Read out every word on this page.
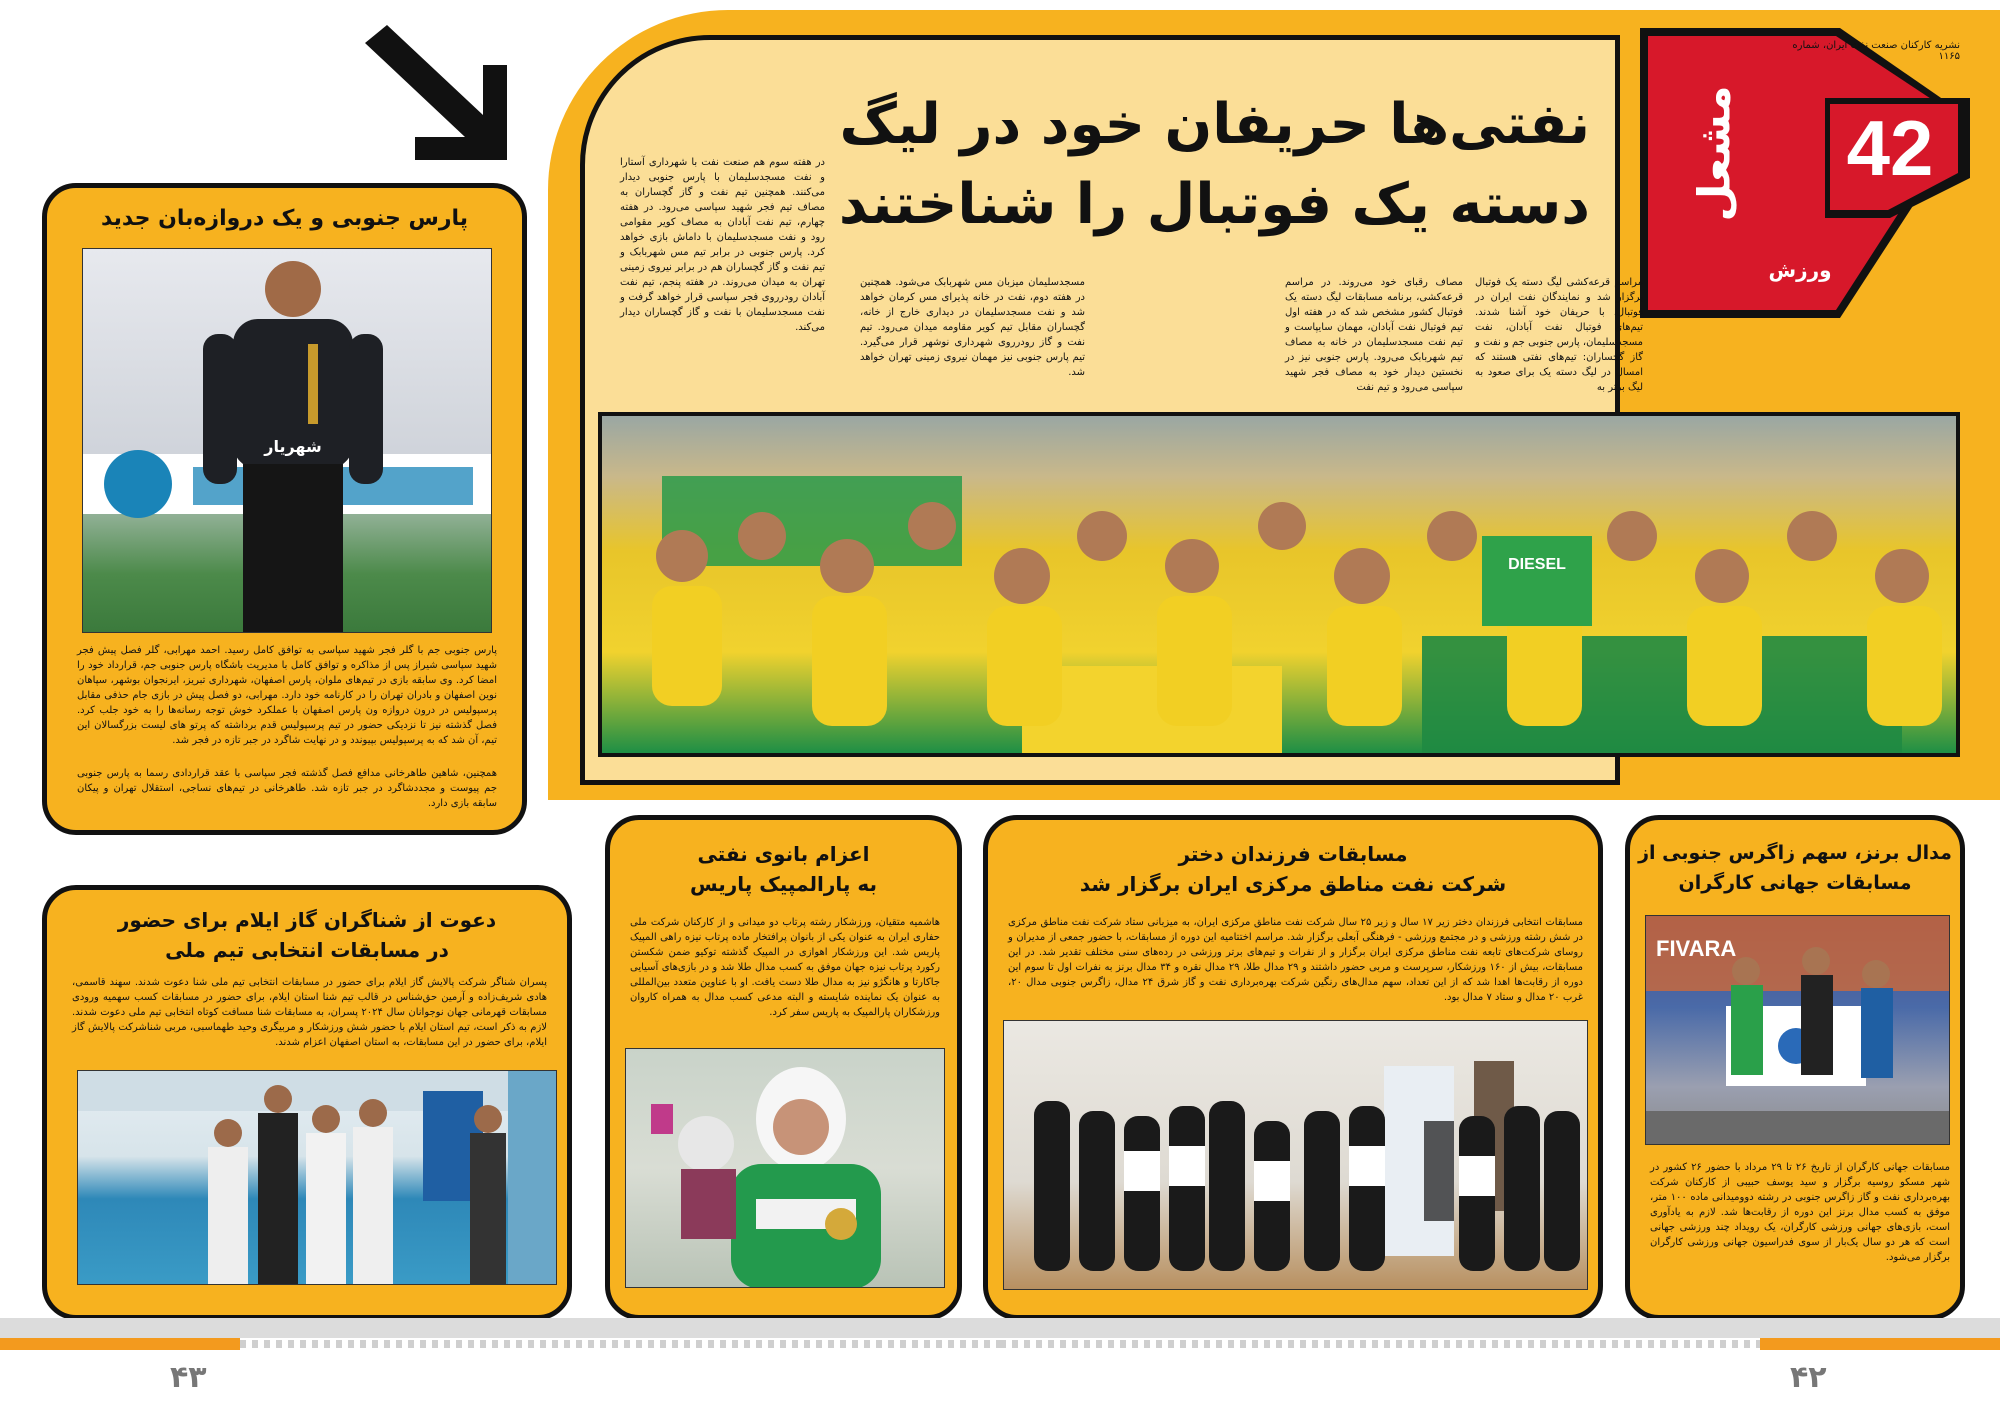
42
ورزش
مشعل
نشریه کارکنان صنعت نفت ایران، شماره ۱۱۶۵
نفتی‌ها حریفان خود در لیگ
دسته یک فوتبال را شناختند
در هفته سوم هم صنعت نفت با شهرداری آستارا و نفت مسجدسلیمان با پارس جنوبی دیدار می‌کنند. همچنین تیم نفت و گاز گچساران به مصاف تیم فجر شهید سپاسی می‌رود. در هفته چهارم، تیم نفت آبادان به مصاف کویر مقوامی رود و نفت مسجدسلیمان با داماش بازی خواهد کرد. پارس جنوبی در برابر تیم مس شهربابک و تیم نفت و گاز گچساران هم در برابر نیروی زمینی تهران به میدان می‌روند. در هفته پنجم، تیم نفت آبادان رودرروی فجر سپاسی قرار خواهد گرفت و نفت مسجدسلیمان با نفت و گاز گچساران دیدار می‌کند.
مراسم قرعه‌کشی لیگ دسته یک فوتبال برگزار شد و نمایندگان نفت ایران در فوتبال، با حریفان خود آشنا شدند. تیم‌های فوتبال نفت آبادان، نفت مسجدسلیمان، پارس جنوبی جم و نفت و گاز گچساران: تیم‌های نفتی هستند که امسال در لیگ دسته یک برای صعود به لیگ برتر به
مصاف رقبای خود می‌روند. در مراسم قرعه‌کشی، برنامه مسابقات لیگ دسته یک فوتبال کشور مشخص شد که در هفته اول تیم فوتبال نفت آبادان، مهمان سایپاست و تیم نفت مسجدسلیمان در خانه به مصاف تیم شهربابک می‌رود. پارس جنوبی نیز در نخستین دیدار خود به مصاف فجر شهید سپاسی می‌رود و تیم نفت
مسجدسلیمان میزبان مس شهربابک می‌شود. همچنین در هفته دوم، نفت در خانه پذیرای مس کرمان خواهد شد و نفت مسجدسلیمان در دیداری خارج از خانه، گچساران مقابل تیم کویر مقاومه میدان می‌رود. تیم نفت و گاز رودرروی شهرداری نوشهر قرار می‌گیرد. تیم پارس جنوبی نیز مهمان نیروی زمینی تهران خواهد شد.
DIESEL
پارس جنوبی و یک دروازه‌بان جدید
شهریار
پارس جنوبی جم با گلر فجر شهید سپاسی به توافق کامل رسید. احمد مهرابی، گلر فصل پیش فجر شهید سپاسی شیراز پس از مذاکره و توافق کامل با مدیریت باشگاه پارس جنوبی جم، قرارداد خود را امضا کرد. وی سابقه بازی در تیم‌های ملوان، پارس اصفهان، شهرداری تبریز، ایرنجوان بوشهر، سپاهان نوین اصفهان و بادران تهران را در کارنامه خود دارد. مهرابی، دو فصل پیش در بازی جام حذفی مقابل پرسپولیس در درون دروازه ون پارس اصفهان با عملکرد خوش توجه رسانه‌ها را به خود جلب کرد. فصل گذشته نیز تا نزدیکی حضور در تیم پرسپولیس قدم برداشته که پرتو های لیست بزرگسالان این تیم، آن شد که به پرسپولیس بپیوندد و در نهایت شاگرد در جبر تازه در فجر شد.
همچنین، شاهین طاهرخانی مدافع فصل گذشته فجر سپاسی با عقد قراردادی رسما به پارس جنوبی جم پیوست و مجددشاگرد در جبر تازه شد. طاهرخانی در تیم‌های نساجی، استقلال تهران و پیکان سابقه بازی دارد.
دعوت از شناگران گاز ایلام برای حضور
در مسابقات انتخابی تیم ملی
پسران شناگر شرکت پالایش گاز ایلام برای حضور در مسابقات انتخابی تیم ملی شنا دعوت شدند. سهند قاسمی، هادی شریف‌زاده و آرمین حق‌شناس در قالب تیم شنا استان ایلام، برای حضور در مسابقات کسب سهمیه ورودی مسابقات قهرمانی جهان نوجوانان سال ۲۰۲۴ پسران، به مسابقات شنا مسافت کوتاه انتخابی تیم ملی دعوت شدند. لازم به ذکر است، تیم استان ایلام با حضور شش ورزشکار و مربیگری وحید طهماسبی، مربی شناشرکت پالایش گاز ایلام، برای حضور در این مسابقات، به استان اصفهان اعزام شدند.
اعزام بانوی نفتی
به پارالمپیک پاریس
هاشمیه متقیان، ورزشکار رشته پرتاب دو میدانی و از کارکنان شرکت ملی حفاری ایران به عنوان یکی از بانوان پرافتخار ماده پرتاب نیزه راهی المپیک پاریس شد. این ورزشکار اهوازی در المپیک گذشته توکیو ضمن شکستن رکورد پرتاب نیزه جهان موفق به کسب مدال طلا شد و در بازی‌های آسیایی جاکارتا و هانگژو نیز به مدال طلا دست یافت. او با عناوین متعدد بین‌المللی به عنوان یک نماینده شایسته و البته مدعی کسب مدال به همراه کاروان ورزشکاران پارالمپیک به پاریس سفر کرد.
مسابقات فرزندان دختر
شرکت نفت مناطق مرکزی ایران برگزار شد
مسابقات انتخابی فرزندان دختر زیر ۱۷ سال و زیر ۲۵ سال شرکت نفت مناطق مرکزی ایران، به میزبانی ستاد شرکت نفت مناطق مرکزی در شش رشته ورزشی و در مجتمع ورزشی - فرهنگی آبعلی برگزار شد. مراسم اختتامیه این دوره از مسابقات، با حضور جمعی از مدیران و روسای شرکت‌های تابعه نفت مناطق مرکزی ایران برگزار و از نفرات و تیم‌های برتر ورزشی در رده‌های سنی مختلف تقدیر شد. در این مسابقات، بیش از ۱۶۰ ورزشکار، سرپرست و مربی حضور داشتند و ۲۹ مدال طلا، ۲۹ مدال نقره و ۳۴ مدال برنز به نفرات اول تا سوم این دوره از رقابت‌ها اهدا شد که از این تعداد، سهم مدال‌های رنگین شرکت بهره‌برداری نفت و گاز شرق ۲۴ مدال، زاگرس جنوبی مدال ۲۰، غرب ۲۰ مدال و ستاد ۷ مدال بود.
مدال برنز، سهم زاگرس جنوبی از
مسابقات جهانی کارگران
FIVARA
مسابقات جهانی کارگران از تاریخ ۲۶ تا ۲۹ مرداد با حضور ۲۶ کشور در شهر مسکو روسیه برگزار و سید یوسف حبیبی از کارکنان شرکت بهره‌برداری نفت و گاز زاگرس جنوبی در رشته دوومیدانی ماده ۱۰۰ متر، موفق به کسب مدال برنز این دوره از رقابت‌ها شد. لازم به یادآوری است، بازی‌های جهانی ورزشی کارگران، یک رویداد چند ورزشی جهانی است که هر دو سال یک‌بار از سوی فدراسیون جهانی ورزشی کارگران برگزار می‌شود.
۴۳	۴۲
